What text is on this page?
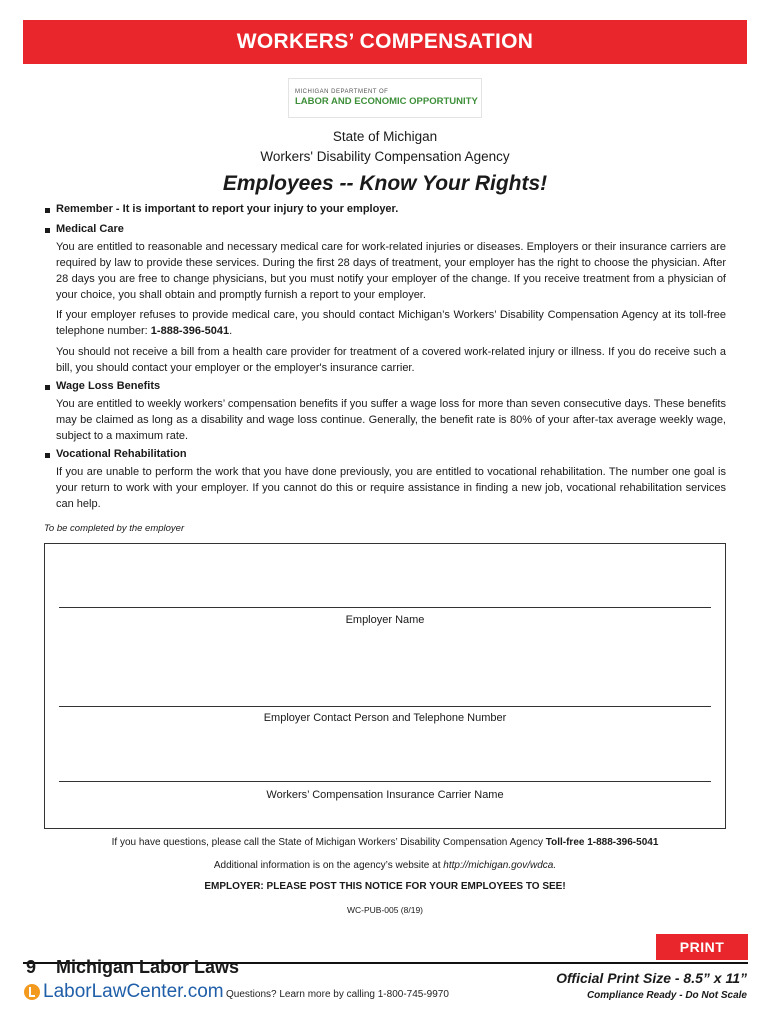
WORKERS’ COMPENSATION
MICHIGAN DEPARTMENT OF
LABOR AND ECONOMIC OPPORTUNITY
State of Michigan
Workers' Disability Compensation Agency
Employees -- Know Your Rights!
Remember - It is important to report your injury to your employer.
Medical Care
You are entitled to reasonable and necessary medical care for work-related injuries or diseases. Employers or their insurance carriers are required by law to provide these services. During the first 28 days of treatment, your employer has the right to choose the physician. After 28 days you are free to change physicians, but you must notify your employer of the change. If you receive treatment from a physician of your choice, you shall obtain and promptly furnish a report to your employer.
If your employer refuses to provide medical care, you should contact Michigan’s Workers’ Disability Compensation Agency at its toll-free telephone number: 1-888-396-5041.
You should not receive a bill from a health care provider for treatment of a covered work-related injury or illness. If you do receive such a bill, you should contact your employer or the employer's insurance carrier.
Wage Loss Benefits
You are entitled to weekly workers’ compensation benefits if you suffer a wage loss for more than seven consecutive days. These benefits may be claimed as long as a disability and wage loss continue. Generally, the benefit rate is 80% of your after-tax average weekly wage, subject to a maximum rate.
Vocational Rehabilitation
If you are unable to perform the work that you have done previously, you are entitled to vocational rehabilitation. The number one goal is your return to work with your employer. If you cannot do this or require assistance in finding a new job, vocational rehabilitation services can help.
To be completed by the employer
Employer Name
Employer Contact Person and Telephone Number
Workers’ Compensation Insurance Carrier Name
If you have questions, please call the State of Michigan Workers’ Disability Compensation Agency Toll-free 1-888-396-5041
Additional information is on the agency’s website at http://michigan.gov/wdca.
EMPLOYER: PLEASE POST THIS NOTICE FOR YOUR EMPLOYEES TO SEE!
WC-PUB-005 (8/19)
PRINT
9 Michigan Labor Laws
LaborLawCenter.com Questions? Learn more by calling 1-800-745-9970
Official Print Size - 8.5” x 11”
Compliance Ready - Do Not Scale
